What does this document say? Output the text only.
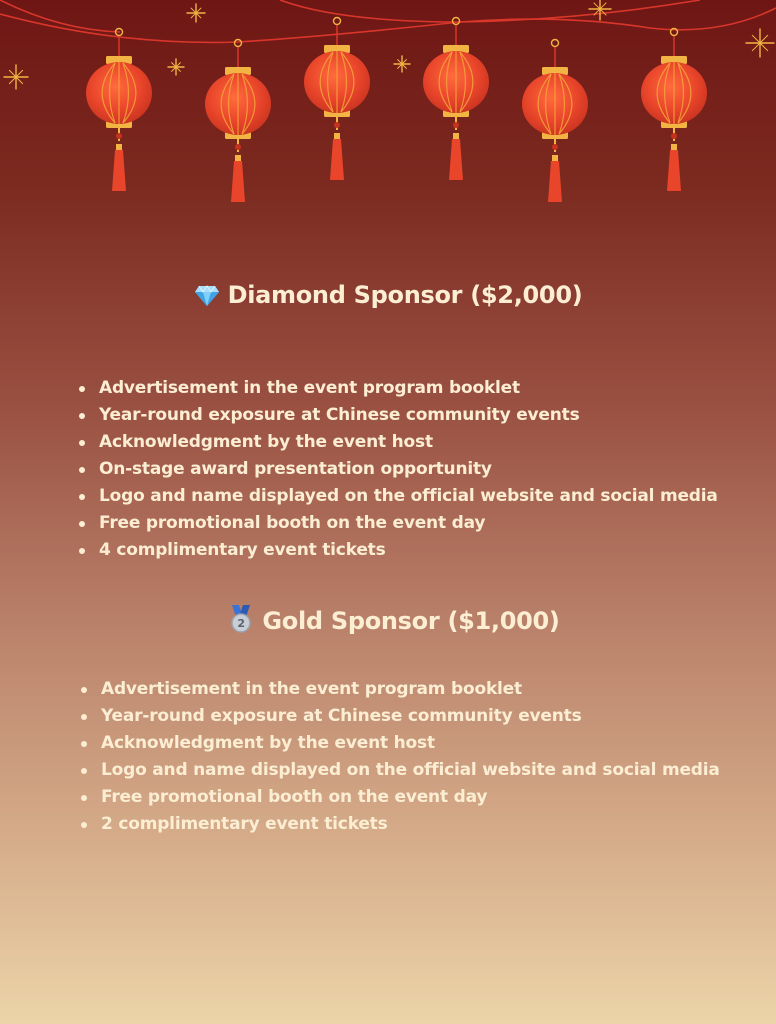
Diamond Sponsor ($2,000)
Advertisement in the event program booklet
Year-round exposure at Chinese community events
Acknowledgment by the event host
On-stage award presentation opportunity
Logo and name displayed on the official website and social media
Free promotional booth on the event day
4 complimentary event tickets
2 Gold Sponsor ($1,000)
Advertisement in the event program booklet
Year-round exposure at Chinese community events
Acknowledgment by the event host
Logo and name displayed on the official website and social media
Free promotional booth on the event day
2 complimentary event tickets
